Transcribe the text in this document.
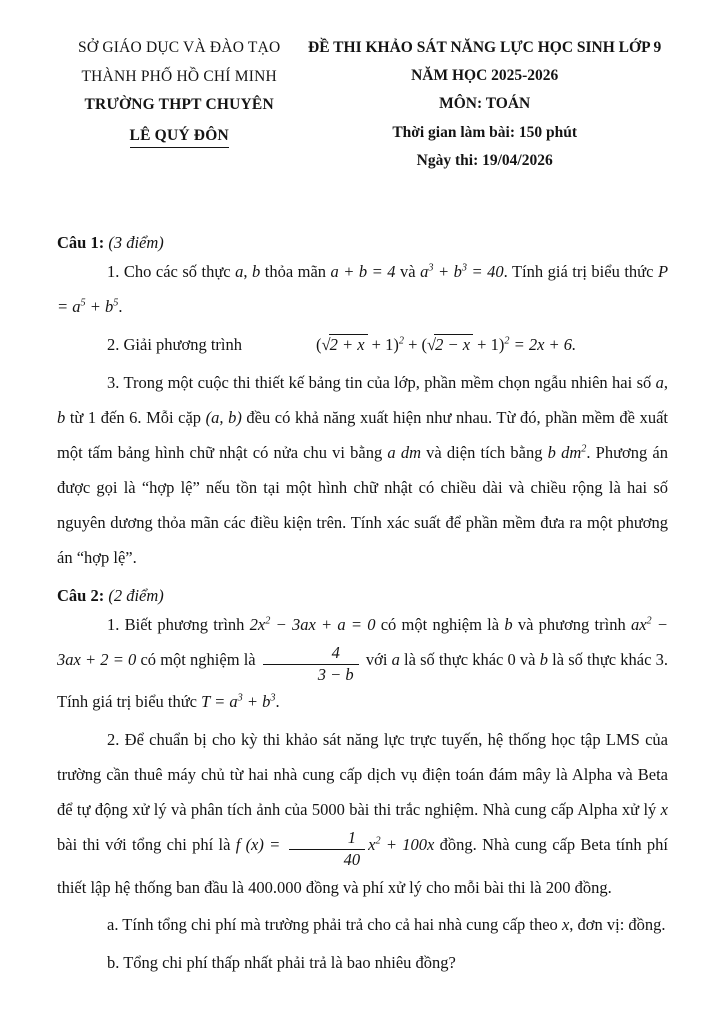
SỞ GIÁO DỤC VÀ ĐÀO TẠO
THÀNH PHỐ HỒ CHÍ MINH
TRƯỜNG THPT CHUYÊN
LÊ QUÝ ĐÔN
ĐỀ THI KHẢO SÁT NĂNG LỰC HỌC SINH LỚP 9
NĂM HỌC 2025-2026
MÔN: TOÁN
Thời gian làm bài: 150 phút
Ngày thi: 19/04/2026

Câu 1: (3 điểm)

1. Cho các số thực a, b thỏa mãn a + b = 4 và $a^3 + b^3 = 40$. Tính giá trị biểu thức $P = a^5 + b^5$.

2. Giải phương trình	$(√2 + x + 1)^2 + (√2 - x + 1)^2 = 2x + 6$.

3. Trong một cuộc thi thiết kế bảng tin của lớp, phần mềm chọn ngẫu nhiên hai số a, b từ 1 đến 6. Mỗi cặp (a, b) đều có khả năng xuất hiện như nhau. Từ đó, phần mềm đề xuất một tấm bảng hình chữ nhật có nửa chu vi bằng a dm và diện tích bằng b $dm^2$. Phương án được gọi là “hợp lệ” nếu tồn tại một hình chữ nhật có chiều dài và chiều rộng là hai số nguyên dương thỏa mãn các điều kiện trên. Tính xác suất để phần mềm đưa ra một phương án “hợp lệ”.

Câu 2: (2 điểm)

1. Biết phương trình $2x^2 - 3ax + a = 0$ có một nghiệm là b và phương trình $ax^2 - 3ax + 2 = 0$ có một nghiệm là $\frac{4}{3 - b}$ với a là số thực khác 0 và b là số thực khác 3. Tính giá trị biểu thức $T = a^3 + b^3$.

2. Để chuẩn bị cho kỳ thi khảo sát năng lực trực tuyến, hệ thống học tập LMS của trường cần thuê máy chủ từ hai nhà cung cấp dịch vụ điện toán đám mây là Alpha và Beta để tự động xử lý và phân tích ảnh của 5000 bài thi trắc nghiệm. Nhà cung cấp Alpha xử lý x bài thi với tổng chi phí là f $(x) = \frac{1}{40} x^2 + 100x$ đồng. Nhà cung cấp Beta tính phí thiết lập hệ thống ban đầu là 400.000 đồng và phí xử lý cho mỗi bài thi là 200 đồng.

a. Tính tổng chi phí mà trường phải trả cho cả hai nhà cung cấp theo x, đơn vị: đồng.

b. Tổng chi phí thấp nhất phải trả là bao nhiêu đồng?
